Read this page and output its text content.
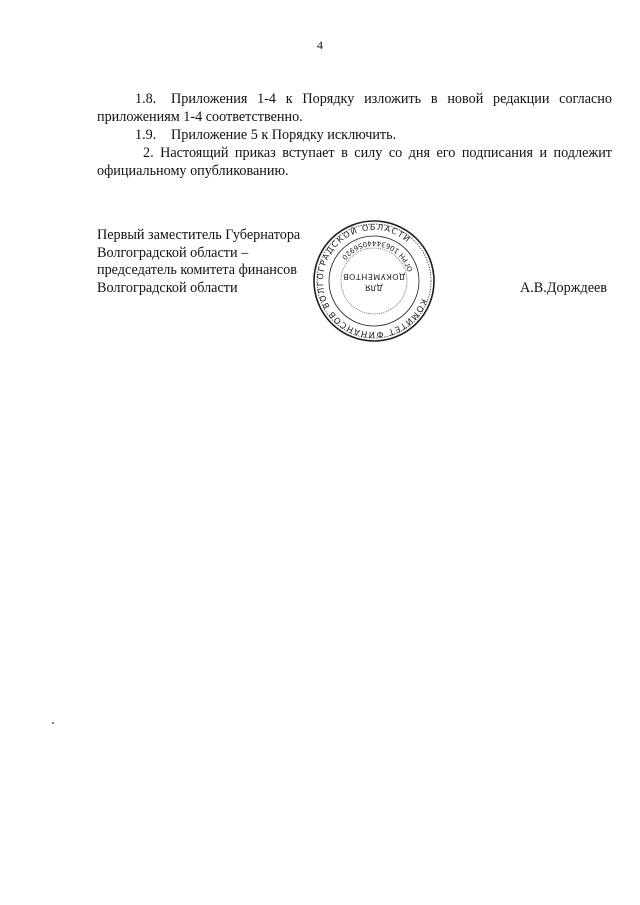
4

1.8. Приложения 1-4 к Порядку изложить в новой редакции согласно приложениям 1-4 соответственно.

1.9. Приложение 5 к Порядку исключить.

2. Настоящий приказ вступает в силу со дня его подписания и подлежит официальному опубликованию.

Первый заместитель Губернатора
Волгоградской области –
председатель комитета финансов
Волгоградской области
КОМИТЕТ ФИНАНСОВ ВОЛГОГРАДСКОЙ ОБЛАСТИ
ОГРН 1063444056920
ДЛЯ
ДОКУМЕНТОВ
А.В.Дорждеев
